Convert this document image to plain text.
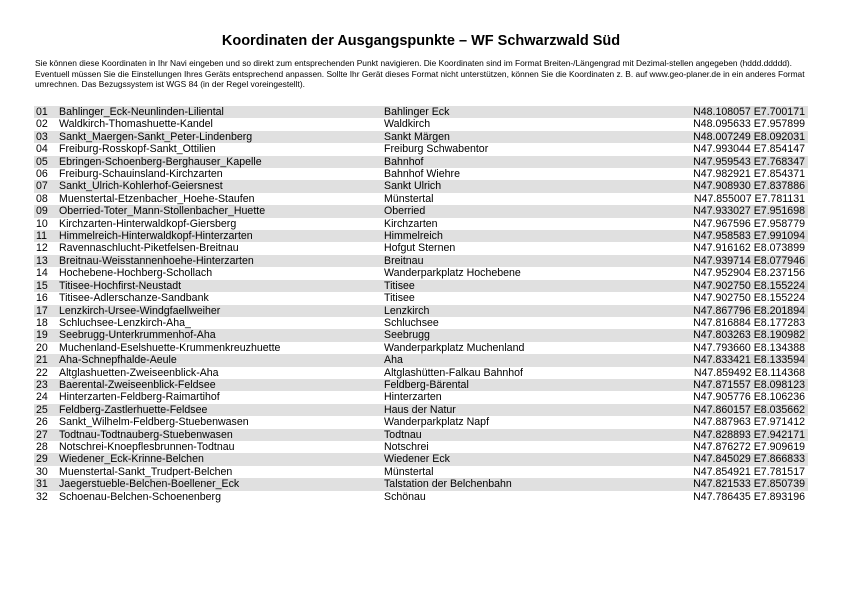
Koordinaten der Ausgangspunkte – WF Schwarzwald Süd

Sie können diese Koordinaten in Ihr Navi eingeben und so direkt zum entsprechenden Punkt navigieren. Die Koordinaten sind im Format Breiten-/Längengrad mit Dezimal-stellen angegeben (hddd.ddddd).

Eventuell müssen Sie die Einstellungen Ihres Geräts entsprechend anpassen. Sollte Ihr Gerät dieses Format nicht unterstützen, können Sie die Koordinaten z. B. auf www.geo-planer.de in ein anderes Format umrechnen. Das Bezugssystem ist WGS 84 (in der Regel voreingestellt).

01	Bahlinger_Eck-Neunlinden-Liliental	Bahlinger Eck	N48.108057 E7.700171
02	Waldkirch-Thomashuette-Kandel	Waldkirch	N48.095633 E7.957899
03	Sankt_Maergen-Sankt_Peter-Lindenberg	Sankt Märgen	N48.007249 E8.092031
04	Freiburg-Rosskopf-Sankt_Ottilien	Freiburg Schwabentor	N47.993044 E7.854147
05	Ebringen-Schoenberg-Berghauser_Kapelle	Bahnhof	N47.959543 E7.768347
06	Freiburg-Schauinsland-Kirchzarten	Bahnhof Wiehre	N47.982921 E7.854371
07	Sankt_Ulrich-Kohlerhof-Geiersnest	Sankt Ulrich	N47.908930 E7.837886
08	Muenstertal-Etzenbacher_Hoehe-Staufen	Münstertal	N47.855007 E7.781131
09	Oberried-Toter_Mann-Stollenbacher_Huette	Oberried	N47.933027 E7.951698
10	Kirchzarten-Hinterwaldkopf-Giersberg	Kirchzarten	N47.967596 E7.958779
11	Himmelreich-Hinterwaldkopf-Hinterzarten	Himmelreich	N47.958583 E7.991094
12	Ravennaschlucht-Piketfelsen-Breitnau	Hofgut Sternen	N47.916162 E8.073899
13	Breitnau-Weisstannenhoehe-Hinterzarten	Breitnau	N47.939714 E8.077946
14	Hochebene-Hochberg-Schollach	Wanderparkplatz Hochebene	N47.952904 E8.237156
15	Titisee-Hochfirst-Neustadt	Titisee	N47.902750 E8.155224
16	Titisee-Adlerschanze-Sandbank	Titisee	N47.902750 E8.155224
17	Lenzkirch-Ursee-Windgfaellweiher	Lenzkirch	N47.867796 E8.201894
18	Schluchsee-Lenzkirch-Aha_	Schluchsee	N47.816884 E8.177283
19	Seebrugg-Unterkrummenhof-Aha	Seebrugg	N47.803263 E8.190982
20	Muchenland-Eselshuette-Krummenkreuzhuette	Wanderparkplatz Muchenland	N47.793660 E8.134388
21	Aha-Schnepfhalde-Aeule	Aha	N47.833421 E8.133594
22	Altglashuetten-Zweiseenblick-Aha	Altglashütten-Falkau Bahnhof	N47.859492 E8.114368
23	Baerental-Zweiseenblick-Feldsee	Feldberg-Bärental	N47.871557 E8.098123
24	Hinterzarten-Feldberg-Raimartihof	Hinterzarten	N47.905776 E8.106236
25	Feldberg-Zastlerhuette-Feldsee	Haus der Natur	N47.860157 E8.035662
26	Sankt_Wilhelm-Feldberg-Stuebenwasen	Wanderparkplatz Napf	N47.887963 E7.971412
27	Todtnau-Todtnauberg-Stuebenwasen	Todtnau	N47.828893 E7.942171
28	Notschrei-Knoepflesbrunnen-Todtnau	Notschrei	N47.876272 E7.909619
29	Wiedener_Eck-Krinne-Belchen	Wiedener Eck	N47.845029 E7.866833
30	Muenstertal-Sankt_Trudpert-Belchen	Münstertal	N47.854921 E7.781517
31	Jaegerstueble-Belchen-Boellener_Eck	Talstation der Belchenbahn	N47.821533 E7.850739
32	Schoenau-Belchen-Schoenenberg	Schönau	N47.786435 E7.893196
